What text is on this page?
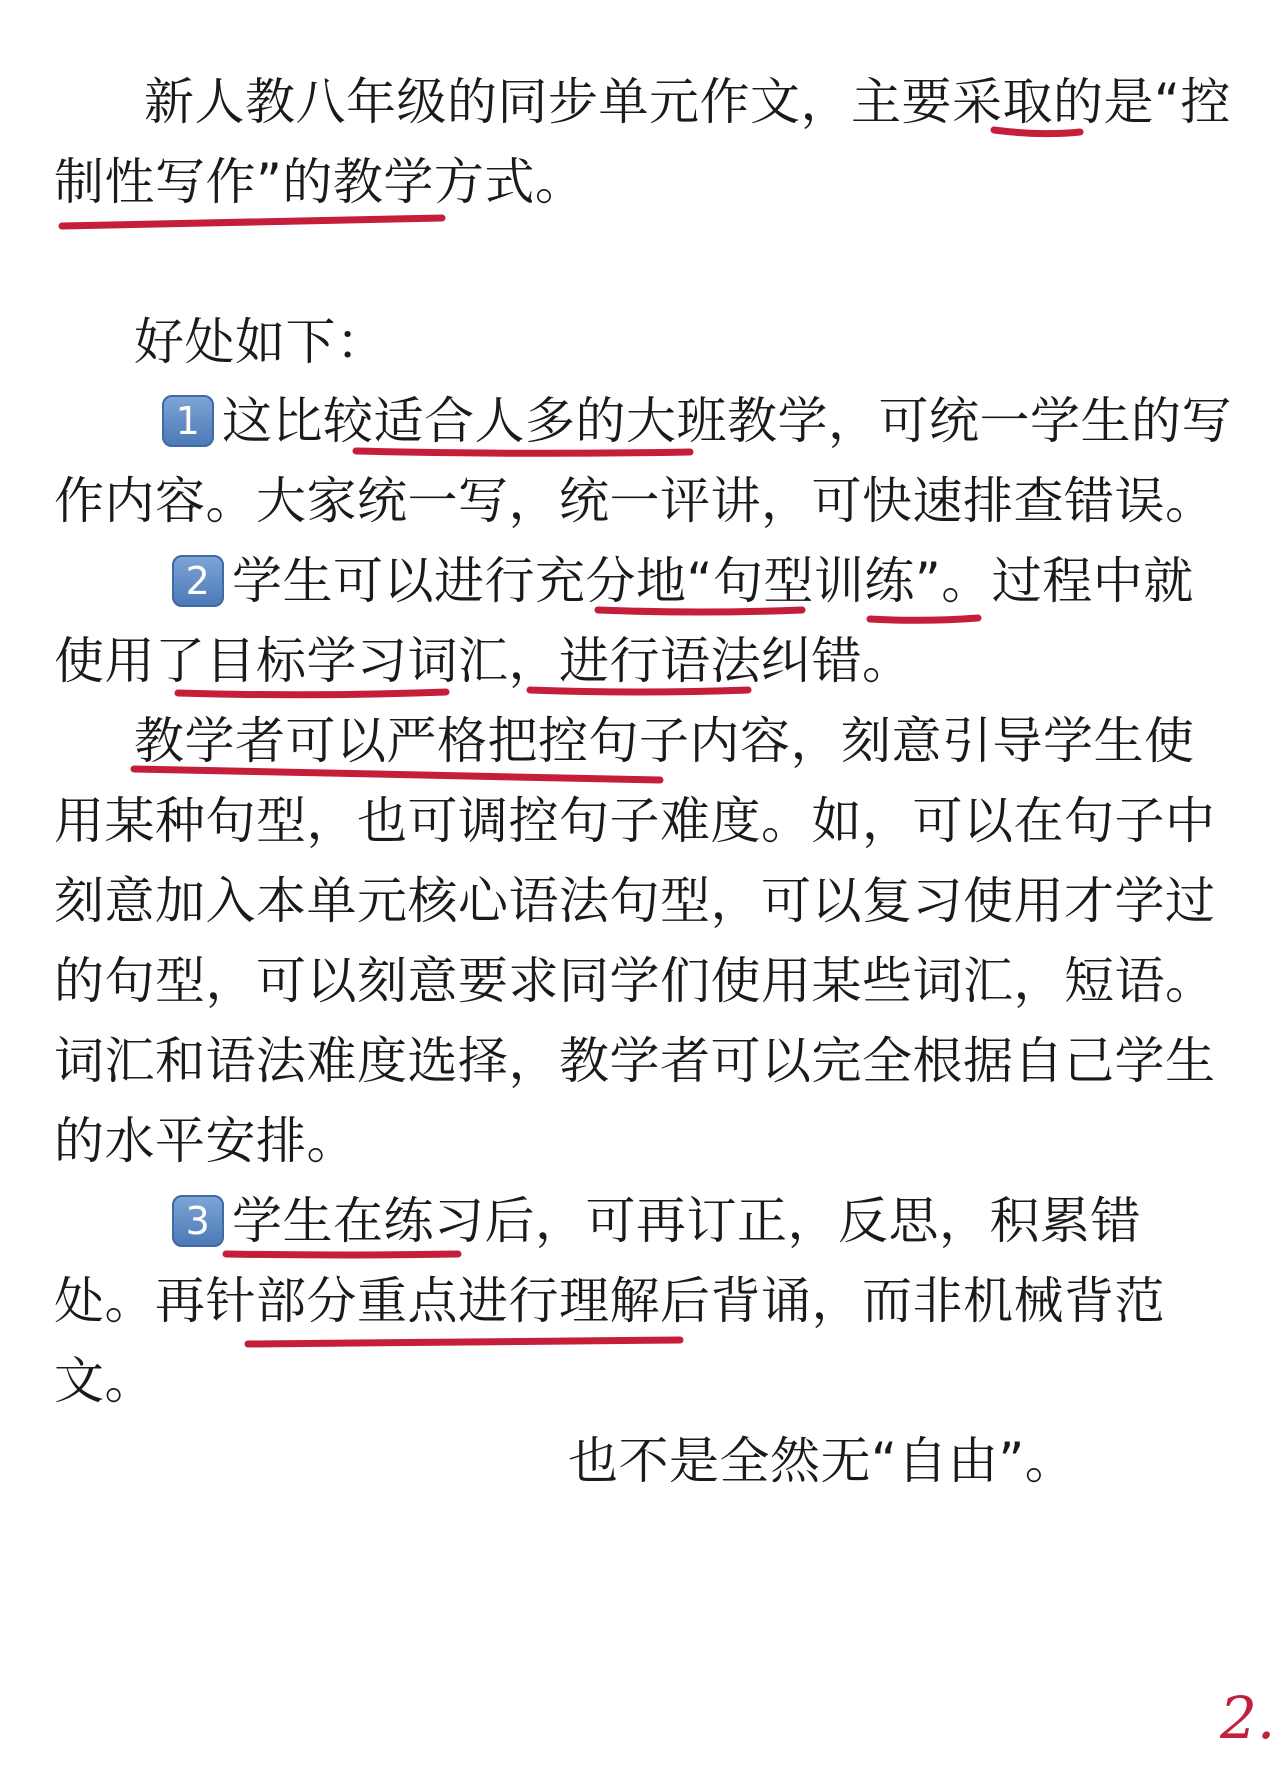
新人教八年级的同步单元作文，主要采取的是“控
制性写作”的教学方式。
好处如下：
1 这比较适合人多的大班教学，可统一学生的写
作内容。大家统一写，统一评讲，可快速排查错误。
2 学生可以进行充分地“句型训练”。过程中就
使用了目标学习词汇，进行语法纠错。
教学者可以严格把控句子内容，刻意引导学生使
用某种句型，也可调控句子难度。如，可以在句子中
刻意加入本单元核心语法句型，可以复习使用才学过
的句型，可以刻意要求同学们使用某些词汇，短语。
词汇和语法难度选择，教学者可以完全根据自己学生
的水平安排。
3 学生在练习后，可再订正，反思，积累错
处。再针部分重点进行理解后背诵，而非机械背范
文。
也不是全然无“自由”。
2.
